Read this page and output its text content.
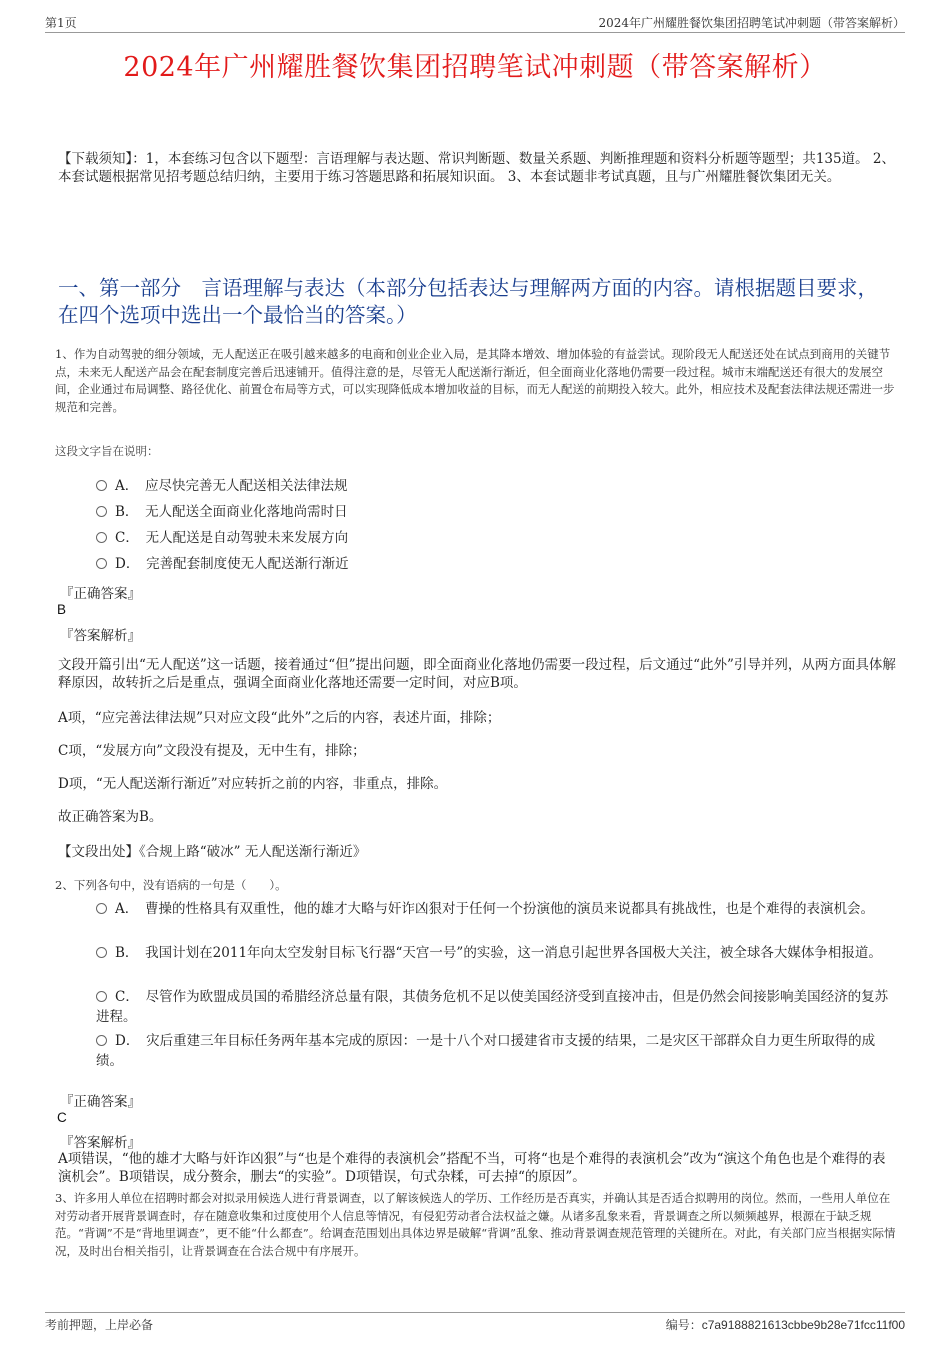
第1页	2024年广州耀胜餐饮集团招聘笔试冲刺题（带答案解析）
2024年广州耀胜餐饮集团招聘笔试冲刺题（带答案解析）
【下载须知】：1，本套练习包含以下题型：言语理解与表达题、常识判断题、数量关系题、判断推理题和资料分析题等题型；共135道。 2、本套试题根据常见招考题总结归纳，主要用于练习答题思路和拓展知识面。 3、本套试题非考试真题，且与广州耀胜餐饮集团无关。
一、第一部分　言语理解与表达（本部分包括表达与理解两方面的内容。请根据题目要求，在四个选项中选出一个最恰当的答案。）
1、作为自动驾驶的细分领域，无人配送正在吸引越来越多的电商和创业企业入局，是其降本增效、增加体验的有益尝试。现阶段无人配送还处在试点到商用的关键节点，未来无人配送产品会在配套制度完善后迅速铺开。值得注意的是，尽管无人配送渐行渐近，但全面商业化落地仍需要一段过程。城市末端配送还有很大的发展空间，企业通过布局调整、路径优化、前置仓布局等方式，可以实现降低成本增加收益的目标，而无人配送的前期投入较大。此外，相应技术及配套法律法规还需进一步规范和完善。
这段文字旨在说明：
A．　应尽快完善无人配送相关法律法规
B．　无人配送全面商业化落地尚需时日
C．　无人配送是自动驾驶未来发展方向
D．　完善配套制度使无人配送渐行渐近
『正确答案』
B
『答案解析』
文段开篇引出“无人配送”这一话题，接着通过“但”提出问题，即全面商业化落地仍需要一段过程，后文通过“此外”引导并列，从两方面具体解释原因，故转折之后是重点，强调全面商业化落地还需要一定时间，对应B项。
A项，“应完善法律法规”只对应文段“此外”之后的内容，表述片面，排除；
C项，“发展方向”文段没有提及，无中生有，排除；
D项，“无人配送渐行渐近”对应转折之前的内容，非重点，排除。
故正确答案为B。
【文段出处】《合规上路“破冰” 无人配送渐行渐近》
2、下列各句中，没有语病的一句是（　　）。
A．　曹操的性格具有双重性，他的雄才大略与奸诈凶狠对于任何一个扮演他的演员来说都具有挑战性，也是个难得的表演机会。
B．　我国计划在2011年向太空发射目标飞行器“天宫一号”的实验，这一消息引起世界各国极大关注，被全球各大媒体争相报道。
C．　尽管作为欧盟成员国的希腊经济总量有限，其债务危机不足以使美国经济受到直接冲击，但是仍然会间接影响美国经济的复苏进程。
D．　灾后重建三年目标任务两年基本完成的原因：一是十八个对口援建省市支援的结果，二是灾区干部群众自力更生所取得的成绩。
『正确答案』
C
『答案解析』
A项错误，“他的雄才大略与奸诈凶狠”与“也是个难得的表演机会”搭配不当，可将“也是个难得的表演机会”改为“演这个角色也是个难得的表演机会”。B项错误，成分赘余，删去“的实验”。D项错误，句式杂糅，可去掉“的原因”。
3、许多用人单位在招聘时都会对拟录用候选人进行背景调查，以了解该候选人的学历、工作经历是否真实，并确认其是否适合拟聘用的岗位。然而，一些用人单位在对劳动者开展背景调查时，存在随意收集和过度使用个人信息等情况，有侵犯劳动者合法权益之嫌。从诸多乱象来看，背景调查之所以频频越界，根源在于缺乏规范。“背调”不是“背地里调查”，更不能“什么都查”。给调查范围划出具体边界是破解“背调”乱象、推动背景调查规范管理的关键所在。对此，有关部门应当根据实际情况，及时出台相关指引，让背景调查在合法合规中有序展开。
考前押题，上岸必备	编号：c7a9188821613cbbe9b28e71fcc11f00
